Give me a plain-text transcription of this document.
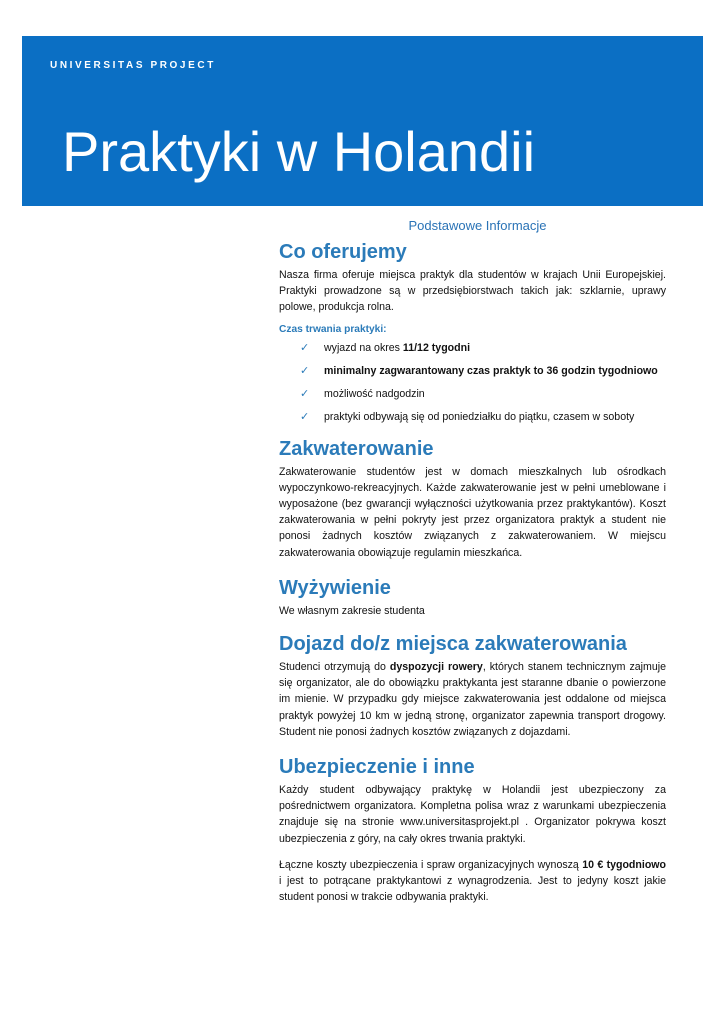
UNIVERSITAS PROJECT
Praktyki w Holandii
Podstawowe Informacje
Co oferujemy

Nasza firma oferuje miejsca praktyk dla studentów w krajach Unii Europejskiej. Praktyki prowadzone są w przedsiębiorstwach takich jak: szklarnie, uprawy polowe, produkcja rolna.

Czas trwania praktyki:
✓	wyjazd na okres 11/12 tygodni
✓	minimalny zagwarantowany czas praktyk to 36 godzin tygodniowo
✓	możliwość nadgodzin
✓	praktyki odbywają się od poniedziałku do piątku, czasem w soboty
Zakwaterowanie

Zakwaterowanie studentów jest w domach mieszkalnych lub ośrodkach wypoczynkowo-rekreacyjnych. Każde zakwaterowanie jest w pełni umeblowane i wyposażone (bez gwarancji wyłączności użytkowania przez praktykantów). Koszt zakwaterowania w pełni pokryty jest przez organizatora praktyk a student nie ponosi żadnych kosztów związanych z zakwaterowaniem. W miejscu zakwaterowania obowiązuje regulamin mieszkańca.

Wyżywienie

We własnym zakresie studenta

Dojazd do/z miejsca zakwaterowania

Studenci otrzymują do dyspozycji rowery, których stanem technicznym zajmuje się organizator, ale do obowiązku praktykanta jest staranne dbanie o powierzone im mienie. W przypadku gdy miejsce zakwaterowania jest oddalone od miejsca praktyk powyżej 10 km w jedną stronę, organizator zapewnia transport drogowy. Student nie ponosi żadnych kosztów związanych z dojazdami.

Ubezpieczenie i inne

Każdy student odbywający praktykę w Holandii jest ubezpieczony za pośrednictwem organizatora. Kompletna polisa wraz z warunkami ubezpieczenia znajduje się na stronie www.universitasprojekt.pl . Organizator pokrywa koszt ubezpieczenia z góry, na cały okres trwania praktyki.

Łączne koszty ubezpieczenia i spraw organizacyjnych wynoszą 10 € tygodniowo i jest to potrącane praktykantowi z wynagrodzenia. Jest to jedyny koszt jakie student ponosi w trakcie odbywania praktyki.
